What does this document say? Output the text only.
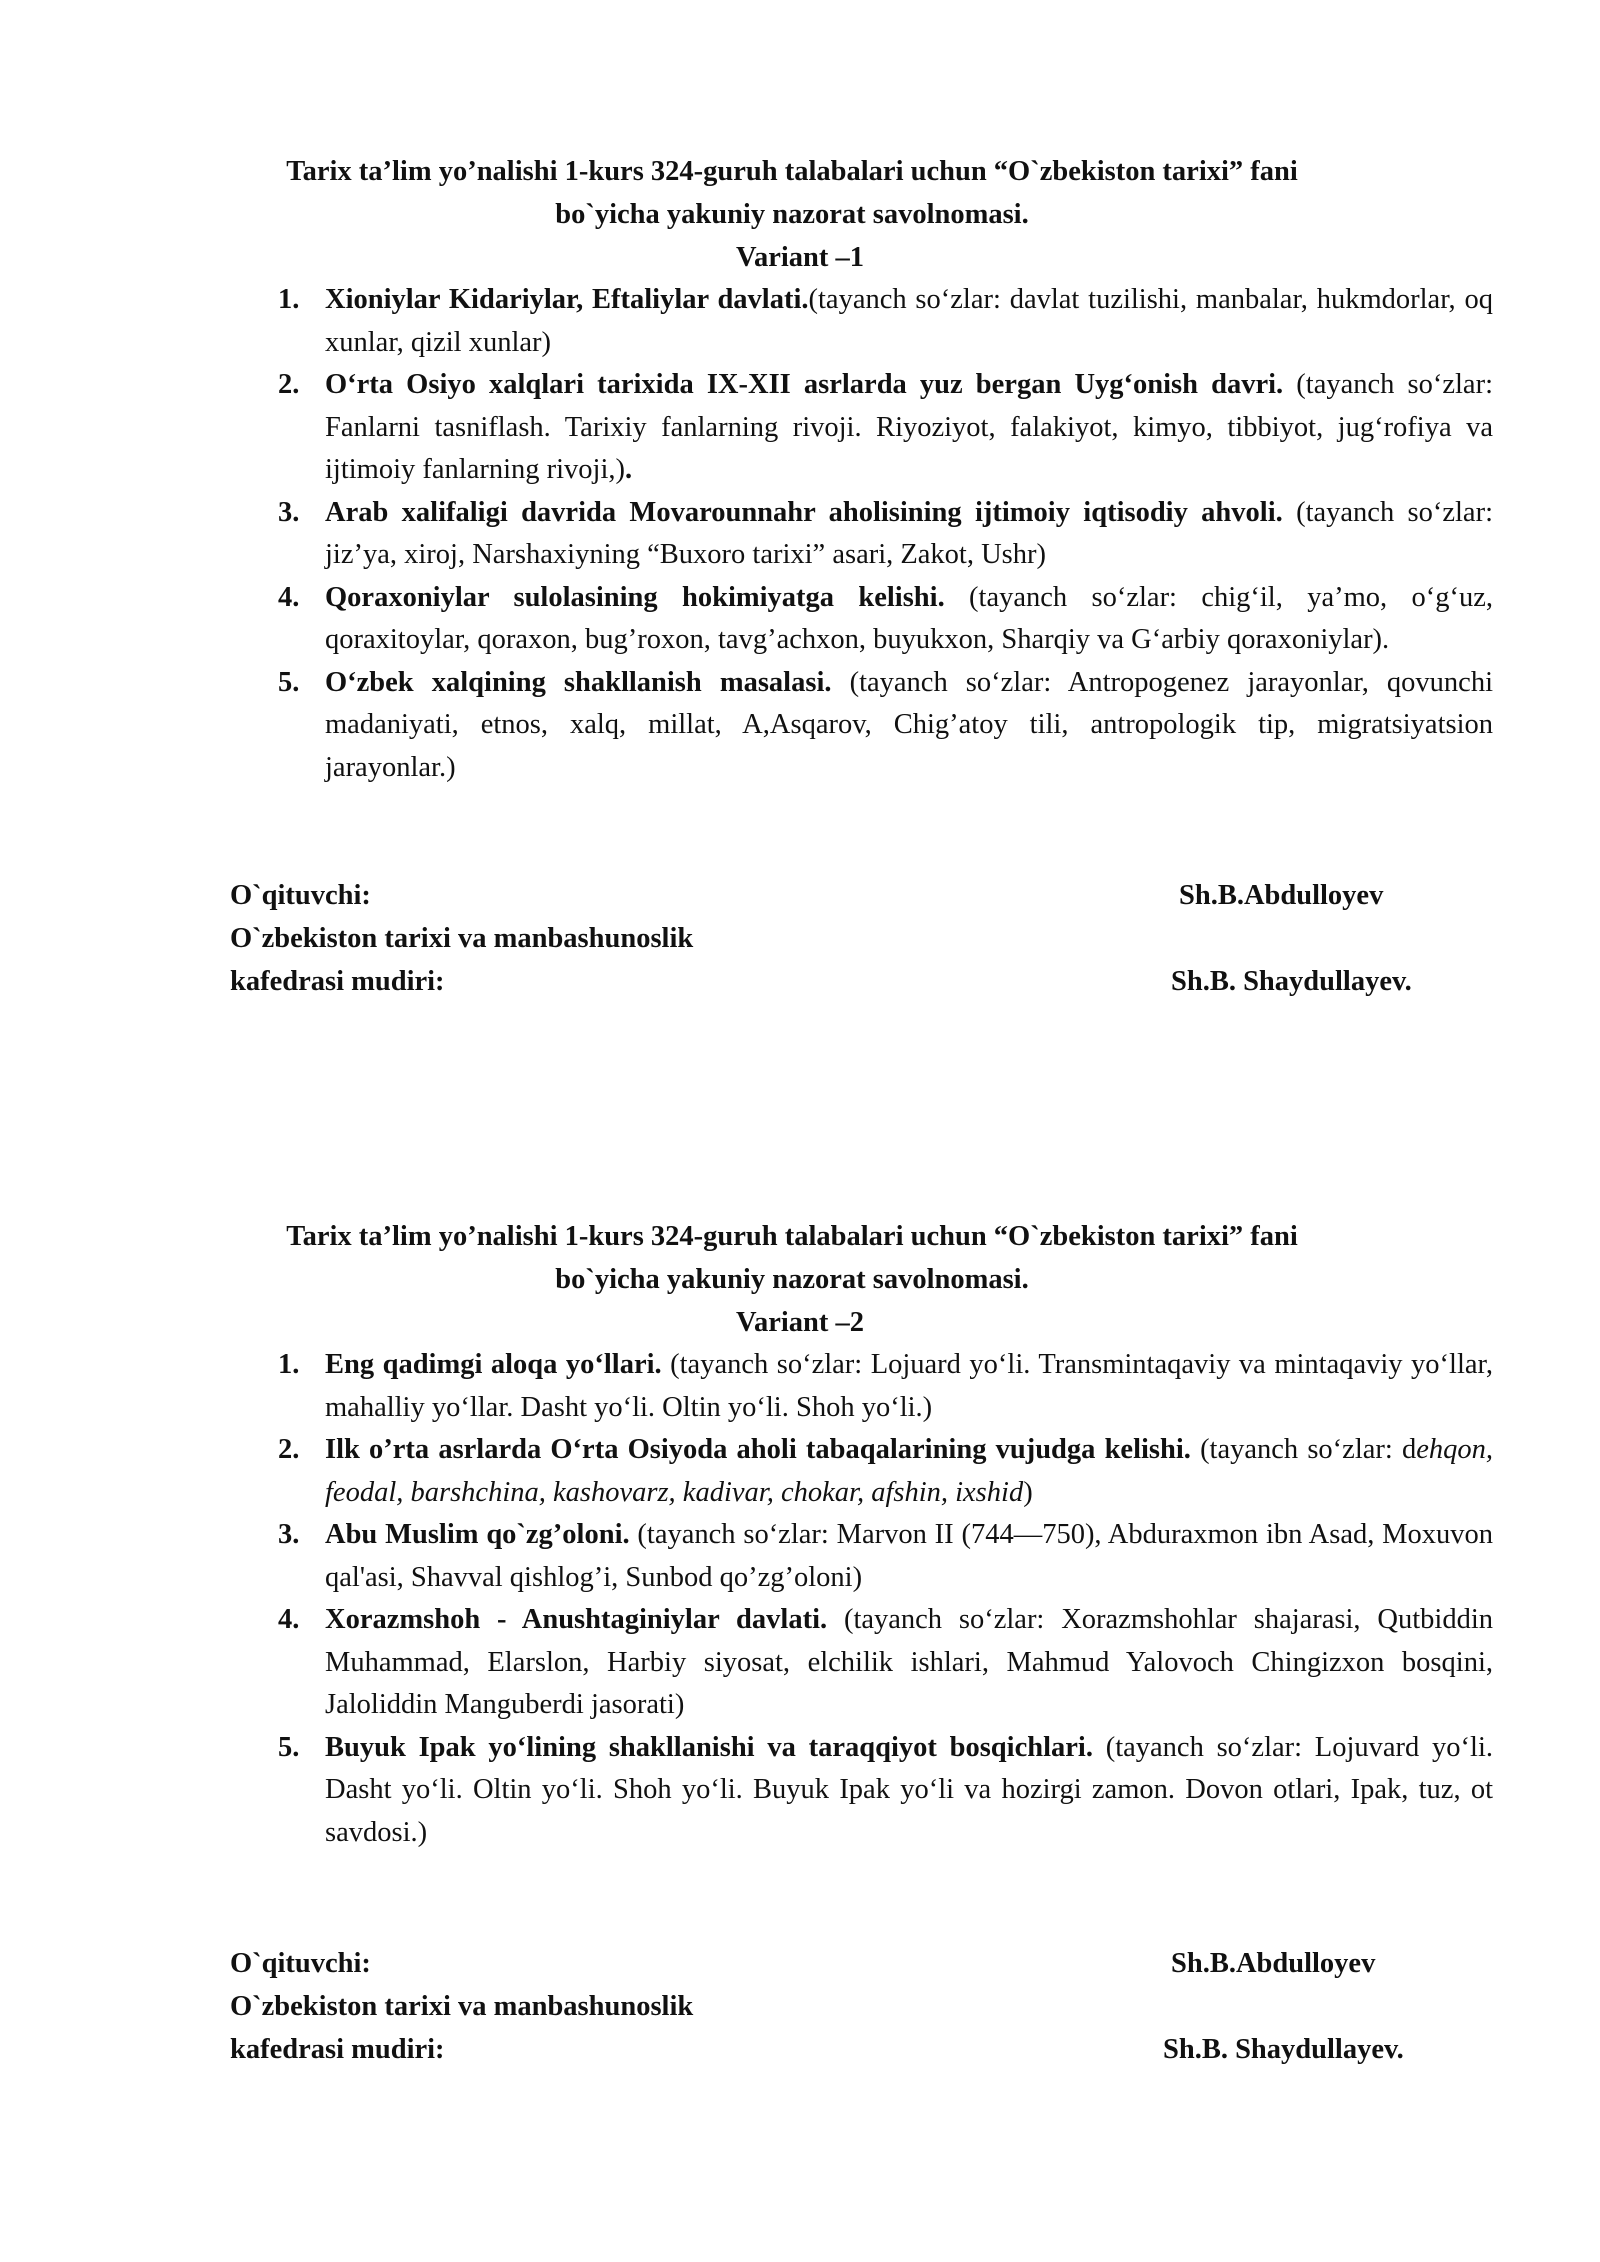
Tarix ta’lim yo’nalishi 1-kurs 324-guruh talabalari uchun “O`zbekiston tarixi” fani
bo`yicha yakuniy nazorat savolnomasi.
Variant –1
1. Xioniylar Kidariylar, Eftaliylar davlati.(tayanch so‘zlar: davlat tuzilishi, manbalar, hukmdorlar, oq xunlar, qizil xunlar)
2. O‘rta Osiyo xalqlari tarixida IX-XII asrlarda yuz bergan Uyg‘onish davri. (tayanch so‘zlar: Fanlarni tasniflash. Tarixiy fanlarning rivoji. Riyoziyot, falakiyot, kimyo, tibbiyot, jug‘rofiya va ijtimoiy fanlarning rivoji,).
3. Arab xalifaligi davrida Movarounnahr aholisining ijtimoiy iqtisodiy ahvoli. (tayanch so‘zlar: jiz’ya, xiroj, Narshaxiyning “Buxoro tarixi” asari, Zakot, Ushr)
4. Qoraxoniylar sulolasining hokimiyatga kelishi. (tayanch so‘zlar: chig‘il, ya’mo, o‘g‘uz, qoraxitoylar, qoraxon, bug’roxon, tavg’achxon, buyukxon, Sharqiy va G‘arbiy qoraxoniylar).
5. O‘zbek xalqining shakllanish masalasi. (tayanch so‘zlar: Antropogenez jarayonlar, qovunchi madaniyati, etnos, xalq, millat, A,Asqarov, Chig’atoy tili, antropologik tip, migratsiyatsion jarayonlar.)
O`qituvchi:	Sh.B.Abdulloyev
O`zbekiston tarixi va manbashunoslik
kafedrasi mudiri:	Sh.B. Shaydullayev.
Tarix ta’lim yo’nalishi 1-kurs 324-guruh talabalari uchun “O`zbekiston tarixi” fani
bo`yicha yakuniy nazorat savolnomasi.
Variant –2
1. Eng qadimgi aloqa yo‘llari. (tayanch so‘zlar: Lojuard yo‘li. Transmintaqaviy va mintaqaviy yo‘llar, mahalliy yo‘llar. Dasht yo‘li. Oltin yo‘li. Shoh yo‘li.)
2. Ilk o’rta asrlarda O‘rta Osiyoda aholi tabaqalarining vujudga kelishi. (tayanch so‘zlar: dehqon, feodal, barshchina, kashovarz, kadivar, chokar, afshin, ixshid)
3. Abu Muslim qo`zg’oloni. (tayanch so‘zlar: Marvon II (744—750), Abduraxmon ibn Asad, Moxuvon qal'asi, Shavval qishlog’i, Sunbod qo’zg’oloni)
4. Xorazmshoh - Anushtaginiylar davlati. (tayanch so‘zlar: Xorazmshohlar shajarasi, Qutbiddin Muhammad, Elarslon, Harbiy siyosat, elchilik ishlari, Mahmud Yalovoch Chingizxon bosqini, Jaloliddin Manguberdi jasorati)
5. Buyuk Ipak yo‘lining shakllanishi va taraqqiyot bosqichlari. (tayanch so‘zlar: Lojuvard yo‘li. Dasht yo‘li. Oltin yo‘li. Shoh yo‘li. Buyuk Ipak yo‘li va hozirgi zamon. Dovon otlari, Ipak, tuz, ot savdosi.)
O`qituvchi:	Sh.B.Abdulloyev
O`zbekiston tarixi va manbashunoslik
kafedrasi mudiri:	Sh.B. Shaydullayev.
